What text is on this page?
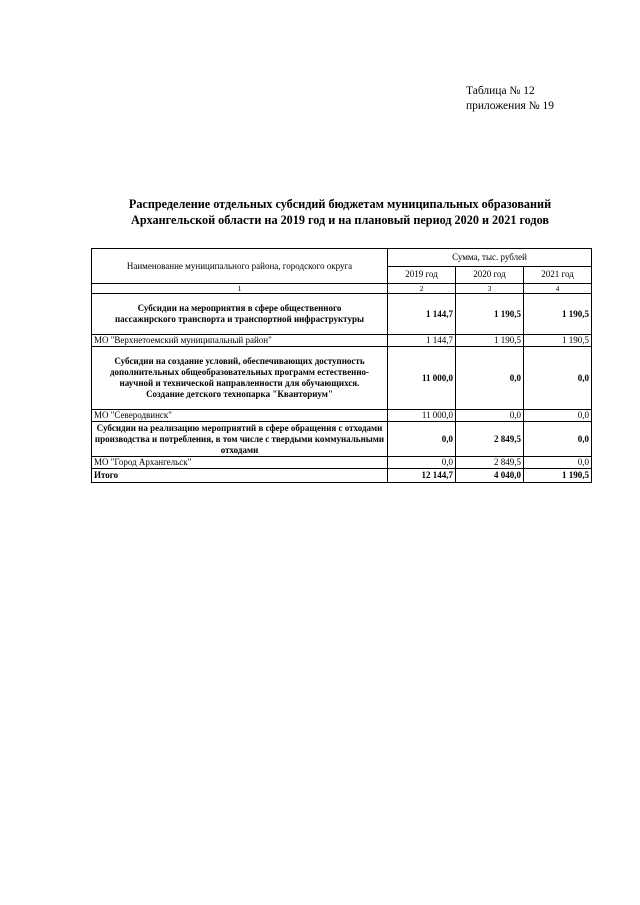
Таблица № 12
приложения № 19
Распределение отдельных субсидий бюджетам муниципальных образований
Архангельской области на 2019 год и на плановый период 2020 и 2021 годов
Наименование муниципального района, городского округа	Сумма, тыс. рублей		
	2019 год	2020 год	2021 год
1	2	3	4
Субсидии на мероприятия в сфере общественного пассажирского транспорта и транспортной инфраструктуры	1 144,7	1 190,5	1 190,5
МО "Верхнетоемский муниципальный район"	1 144,7	1 190,5	1 190,5
Субсидии на создание условий, обеспечивающих доступность дополнительных общеобразовательных программ естественно-научной и технической направленности для обучающихся. Создание детского технопарка "Кванториум"	11 000,0	0,0	0,0
МО "Северодвинск"	11 000,0	0,0	0,0
Субсидии на реализацию мероприятий в сфере обращения с отходами производства и потребления, в том числе с твердыми коммунальными отходами	0,0	2 849,5	0,0
МО "Город Архангельск"	0,0	2 849,5	0,0
Итого	12 144,7	4 040,0	1 190,5
